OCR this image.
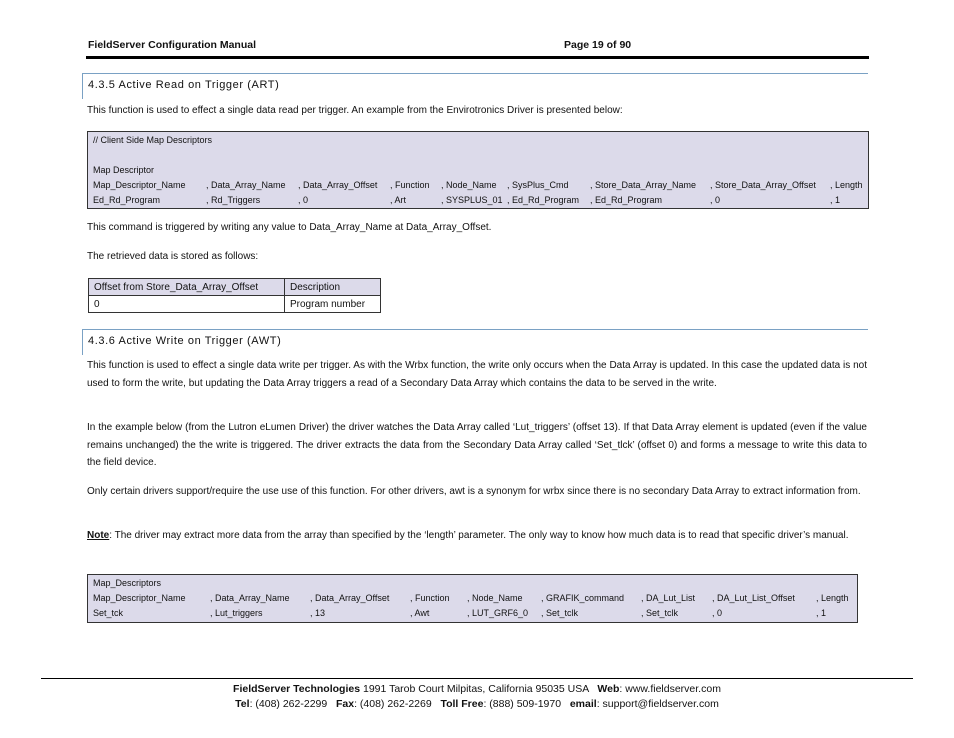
FieldServer Configuration Manual	Page 19 of 90
4.3.5 Active Read on Trigger (ART)
This function is used to effect a single data read per trigger. An example from the Envirotronics Driver is presented below:
// Client Side Map Descriptors
Map Descriptor
Map_Descriptor_Name , Data_Array_Name , Data_Array_Offset , Function , Node_Name , SysPlus_Cmd , Store_Data_Array_Name , Store_Data_Array_Offset , Length
Ed_Rd_Program	, Rd_Triggers	, 0	, Art	, SYSPLUS_01 , Ed_Rd_Program , Ed_Rd_Program	, 0	, 1
This command is triggered by writing any value to Data_Array_Name at Data_Array_Offset.
The retrieved data is stored as follows:
Offset from Store_Data_Array_Offset	Description
0	Program number
4.3.6 Active Write on Trigger (AWT)
This function is used to effect a single data write per trigger. As with the Wrbx function, the write only occurs when the Data Array is updated. In this case the updated data is not used to form the write, but updating the Data Array triggers a read of a Secondary Data Array which contains the data to be served in the write.
In the example below (from the Lutron eLumen Driver) the driver watches the Data Array called ‘Lut_triggers’ (offset 13). If that Data Array element is updated (even if the value remains unchanged) the the write is triggered. The driver extracts the data from the Secondary Data Array called ‘Set_tlck’ (offset 0) and forms a message to write this data to the field device.
Only certain drivers support/require the use use of this function. For other drivers, awt is a synonym for wrbx since there is no secondary Data Array to extract information from.
Note: The driver may extract more data from the array than specified by the ‘length’ parameter. The only way to know how much data is to read that specific driver’s manual.
Map_Descriptors
Map_Descriptor_Name	, Data_Array_Name , Data_Array_Offset , Function , Node_Name , GRAFIK_command , DA_Lut_List , DA_Lut_List_Offset , Length
Set_tck	, Lut_triggers	, 13	, Awt	, LUT_GRF6_0 , Set_tclk	, Set_tclk	, 0	, 1
FieldServer Technologies 1991 Tarob Court Milpitas, California 95035 USA   Web: www.fieldserver.com
Tel: (408) 262-2299   Fax: (408) 262-2269   Toll Free: (888) 509-1970   email: support@fieldserver.com
